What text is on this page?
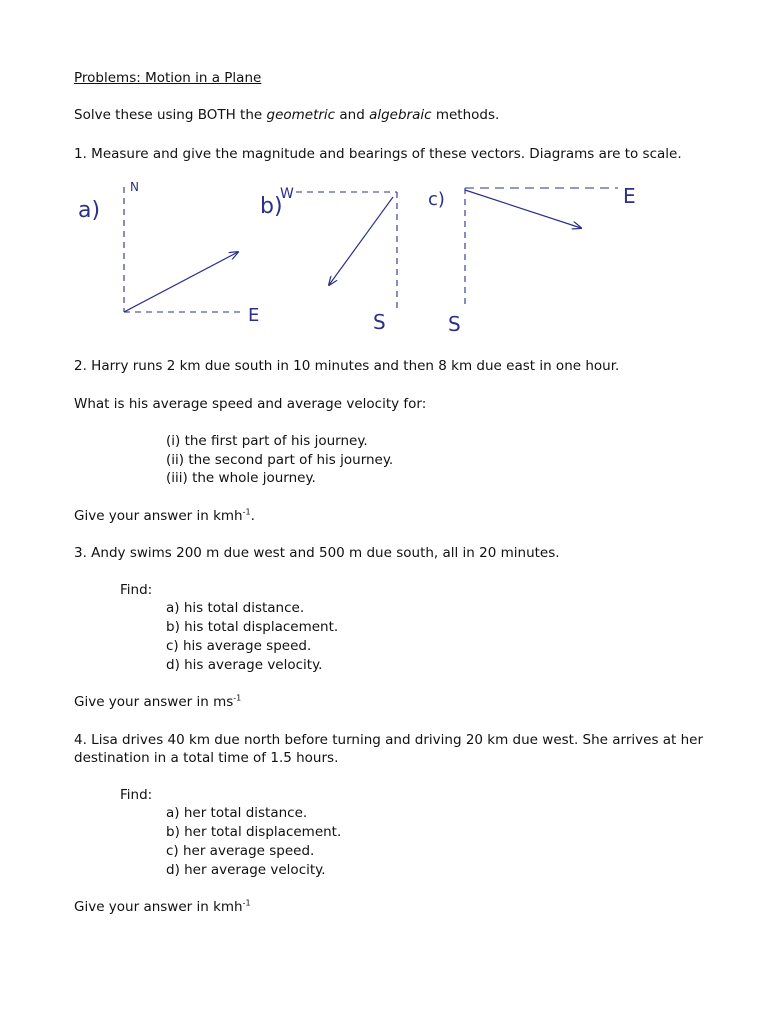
Problems: Motion in a Plane
Solve these using BOTH the geometric and algebraic methods.
1. Measure and give the magnitude and bearings of these vectors. Diagrams are to scale.
a)
N
E
b)
W
S
c)	E
S
2. Harry runs 2 km due south in 10 minutes and then 8 km due east in one hour.
What is his average speed and average velocity for:
(i) the first part of his journey.
(ii) the second part of his journey.
(iii) the whole journey.
Give your answer in kmh$^{-1}$.
3. Andy swims 200 m due west and 500 m due south, all in 20 minutes.
Find:
a) his total distance.
b) his total displacement.
c) his average speed.
d) his average velocity.
Give your answer in $ms^{-1}$
4. Lisa drives 40 km due north before turning and driving 20 km due west. She arrives at her
destination in a total time of 1.5 hours.
Find:
a) her total distance.
b) her total displacement.
c) her average speed.
d) her average velocity.
Give your answer in kmh$^{-1}$
